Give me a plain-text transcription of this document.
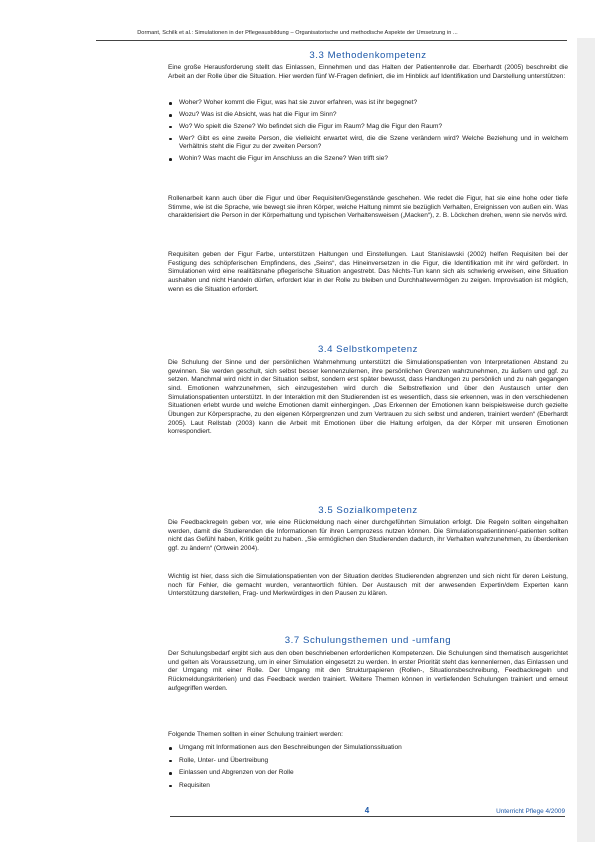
Dormant, Schilk et al.: Simulationen in der Pflegeausbildung – Organisatorische und methodische Aspekte der Umsetzung in ...
3.3 Methodenkompetenz

Eine große Herausforderung stellt das Einlassen, Einnehmen und das Halten der Patientenrolle dar. Eberhardt (2005) beschreibt die Arbeit an der Rolle über die Situation. Hier werden fünf W-Fragen definiert, die im Hinblick auf Identifikation und Darstellung unterstützen:

Woher? Woher kommt die Figur, was hat sie zuvor erfahren, was ist ihr begegnet?
Wozu? Was ist die Absicht, was hat die Figur im Sinn?
Wo? Wo spielt die Szene? Wo befindet sich die Figur im Raum? Mag die Figur den Raum?
Wer? Gibt es eine zweite Person, die vielleicht erwartet wird, die die Szene verändern wird? Welche Beziehung und in welchem Verhältnis steht die Figur zu der zweiten Person?
Wohin? Was macht die Figur im Anschluss an die Szene? Wen trifft sie?

Rollenarbeit kann auch über die Figur und über Requisiten/Gegenstände geschehen. Wie redet die Figur, hat sie eine hohe oder tiefe Stimme, wie ist die Sprache, wie bewegt sie ihren Körper, welche Haltung nimmt sie bezüglich Verhalten, Ereignissen von außen ein. Was charakterisiert die Person in der Körperhaltung und typischen Verhaltensweisen („Macken“), z. B. Löckchen drehen, wenn sie nervös wird.

Requisiten geben der Figur Farbe, unterstützen Haltungen und Einstellungen. Laut Stanislawski (2002) helfen Requisiten bei der Festigung des schöpferischen Empfindens, des „Seins“, das Hineinversetzen in die Figur, die Identifikation mit ihr wird gefördert. In Simulationen wird eine realitätsnahe pflegerische Situation angestrebt. Das Nichts-Tun kann sich als schwierig erweisen, eine Situation aushalten und nicht Handeln dürfen, erfordert klar in der Rolle zu bleiben und Durchhaltevermögen zu zeigen. Improvisation ist möglich, wenn es die Situation erfordert.

3.4 Selbstkompetenz

Die Schulung der Sinne und der persönlichen Wahrnehmung unterstützt die Simulationspatienten von Interpretationen Abstand zu gewinnen. Sie werden geschult, sich selbst besser kennenzulernen, ihre persönlichen Grenzen wahrzunehmen, zu äußern und ggf. zu setzen. Manchmal wird nicht in der Situation selbst, sondern erst später bewusst, dass Handlungen zu persönlich und zu nah gegangen sind. Emotionen wahrzunehmen, sich einzugestehen wird durch die Selbstreflexion und über den Austausch unter den Simulationspatienten unterstützt. In der Interaktion mit den Studierenden ist es wesentlich, dass sie erkennen, was in den verschiedenen Situationen erlebt wurde und welche Emotionen damit einhergingen. „Das Erkennen der Emotionen kann beispielsweise durch gezielte Übungen zur Körpersprache, zu den eigenen Körpergrenzen und zum Vertrauen zu sich selbst und anderen, trainiert werden“ (Eberhardt 2005). Laut Rellstab (2003) kann die Arbeit mit Emotionen über die Haltung erfolgen, da der Körper mit unseren Emotionen korrespondiert.

3.5 Sozialkompetenz

Die Feedbackregeln geben vor, wie eine Rückmeldung nach einer durchgeführten Simulation erfolgt. Die Regeln sollten eingehalten werden, damit die Studierenden die Informationen für ihren Lernprozess nutzen können. Die Simulationspatientinnen/-patienten sollten nicht das Gefühl haben, Kritik geübt zu haben. „Sie ermöglichen den Studierenden dadurch, ihr Verhalten wahrzunehmen, zu überdenken ggf. zu ändern“ (Ortwein 2004).

Wichtig ist hier, dass sich die Simulationspatienten von der Situation der/des Studierenden abgrenzen und sich nicht für deren Leistung, noch für Fehler, die gemacht wurden, verantwortlich fühlen. Der Austausch mit der anwesenden Expertin/dem Experten kann Unterstützung darstellen, Frag- und Merkwürdiges in den Pausen zu klären.

3.7 Schulungsthemen und -umfang

Der Schulungsbedarf ergibt sich aus den oben beschriebenen erforderlichen Kompetenzen. Die Schulungen sind thematisch ausgerichtet und gelten als Voraussetzung, um in einer Simulation eingesetzt zu werden. In erster Priorität steht das kennenlernen, das Einlassen und der Umgang mit einer Rolle. Der Umgang mit den Strukturpapieren (Rollen-, Situationsbeschreibung, Feedbackregeln und Rückmeldungskriterien) und das Feedback werden trainiert. Weitere Themen können in vertiefenden Schulungen trainiert und erneut aufgegriffen werden.

Folgende Themen sollten in einer Schulung trainiert werden:

Umgang mit Informationen aus den Beschreibungen der Simulationssituation
Rolle, Unter- und Übertreibung
Einlassen und Abgrenzen von der Rolle
Requisiten
4	Unterricht Pflege 4/2009
